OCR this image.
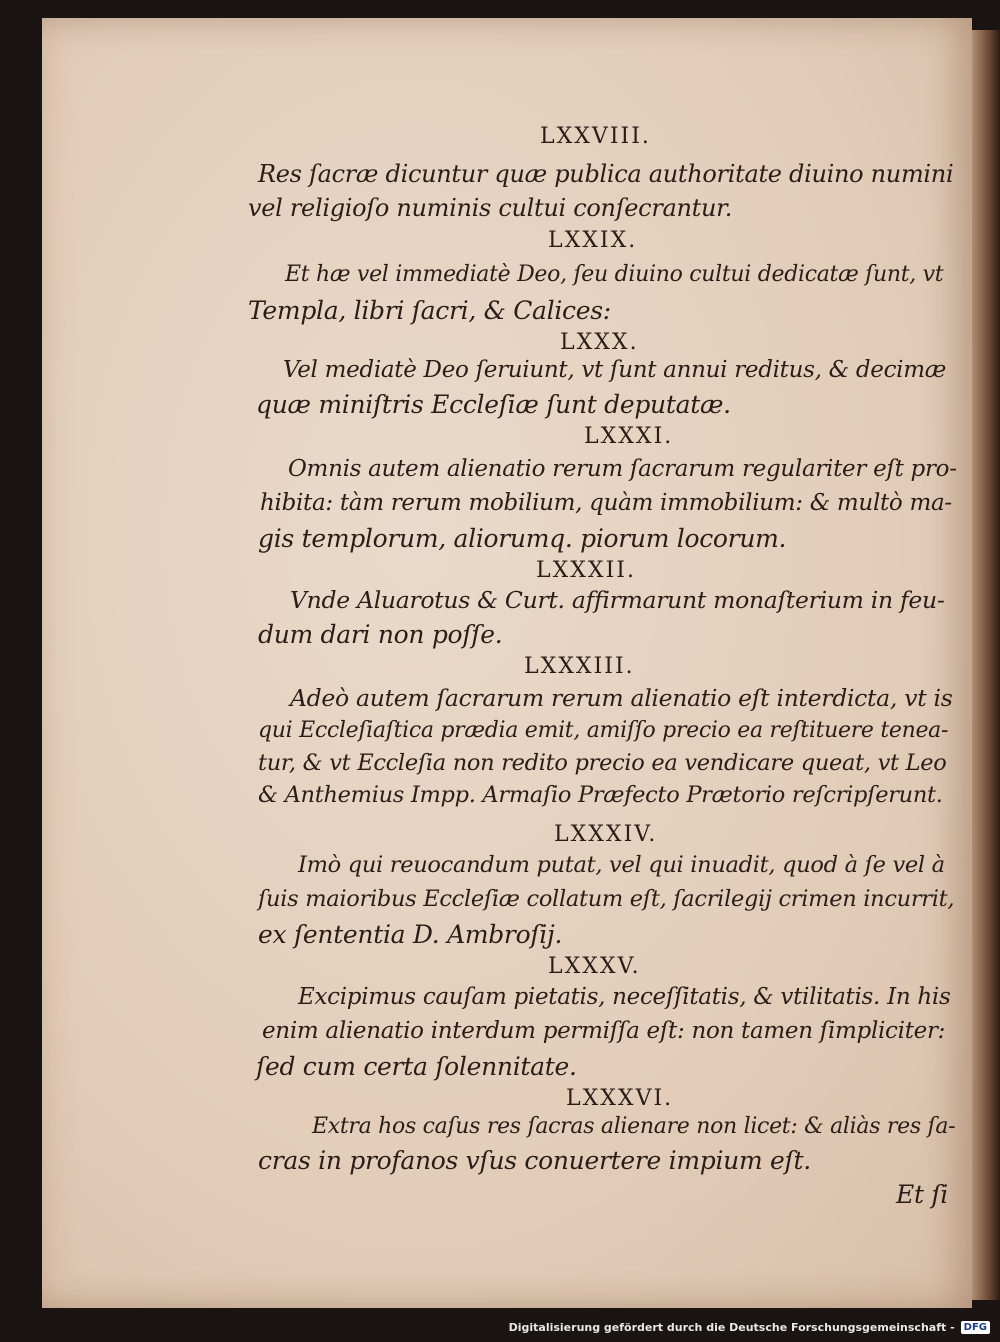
LXXVIII.
Res ſacræ dicuntur quæ publica authoritate diuino numini
vel religioſo numinis cultui conſecrantur.
LXXIX.
Et hæ vel immediatè Deo, ſeu diuino cultui dedicatæ ſunt, vt
Templa, libri ſacri, & Calices:
LXXX.
Vel mediatè Deo ſeruiunt, vt ſunt annui reditus, & decimæ
quæ miniſtris Eccleſiæ ſunt deputatæ.
LXXXI.
Omnis autem alienatio rerum ſacrarum regulariter eſt pro-
hibita: tàm rerum mobilium, quàm immobilium: & multò ma-
gis templorum, aliorumq. piorum locorum.
LXXXII.
Vnde Aluarotus & Curt. affirmarunt monaſterium in feu-
dum dari non poſſe.
LXXXIII.
Adeò autem ſacrarum rerum alienatio eſt interdicta, vt is
qui Eccleſiaſtica prædia emit, amiſſo precio ea reſtituere tenea-
tur, & vt Eccleſia non redito precio ea vendicare queat, vt Leo
& Anthemius Impp. Armaſio Præfecto Prætorio reſcripſerunt.
LXXXIV.
Imò qui reuocandum putat, vel qui inuadit, quod à ſe vel à
ſuis maioribus Eccleſiæ collatum eſt, ſacrilegij crimen incurrit,
ex ſententia D. Ambroſij.
LXXXV.
Excipimus cauſam pietatis, neceſſitatis, & vtilitatis. In his
enim alienatio interdum permiſſa eſt: non tamen ſimpliciter:
ſed cum certa ſolennitate.
LXXXVI.
Extra hos caſus res ſacras alienare non licet: & aliàs res ſa-
cras in profanos vſus conuertere impium eſt.
Et ſi
Digitalisierung gefördert durch die Deutsche Forschungsgemeinschaft - DFG
